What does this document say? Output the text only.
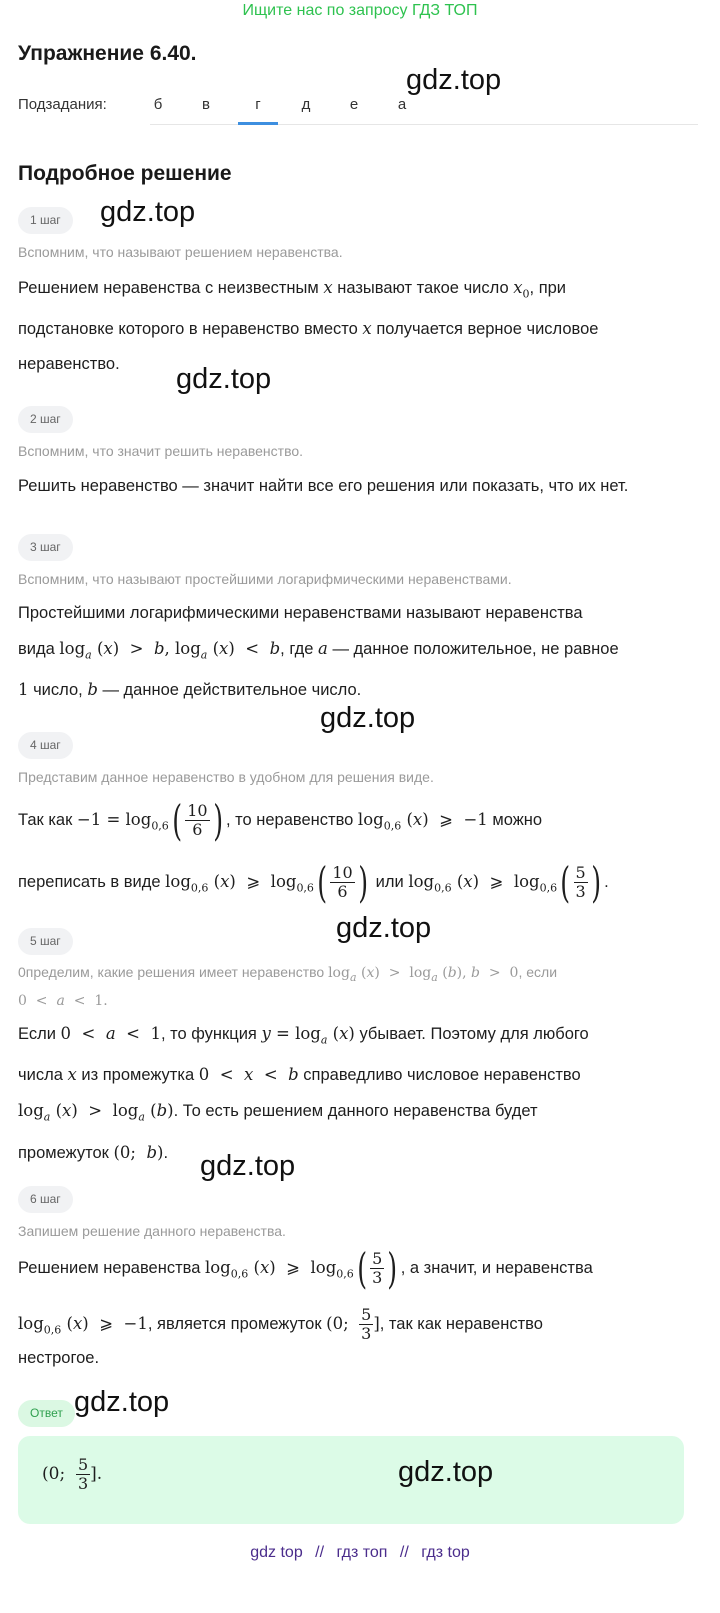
Ищите нас по запросу ГДЗ ТОП
Упражнение 6.40.
gdz.top
Подзадания:	б	в	г	д	е	а
Подробное решение
1 шаг	gdz.top
Вспомним, что называют решением неравенства.
Решением неравенства с неизвестным x называют такое число $x_0$, при
подстановке которого в неравенство вместо x получается верное числовое
неравенство.	gdz.top
2 шаг
Вспомним, что значит решить неравенство.
Решить неравенство — значит найти все его решения или показать, что их нет.
3 шаг
Вспомним, что называют простейшими логарифмическими неравенствами.
Простейшими логарифмическими неравенствами называют неравенства
вида $\log_a (x) > b$, $\log_a (x) < b$, где a — данное положительное, не равное
1 число, b — данное действительное число.
gdz.top
4 шаг
Представим данное неравенство в удобном для решения виде.
Так как $-1 = \log_{0,6}( \frac{10}{6}$ ) , то неравенство $\log_{0,6} (x)$  ⩾  −1 можно
переписать в виде $\log_{0,6} (x)$  ⩾  $\log_{0,6}( \frac{10}{6}$ ) или $\log_{0,6} (x)$  ⩾  $\log_{0,6}( \frac{5}{3}$ ) .
gdz.top
5 шаг
0пределим, какие решения имеет неравенство $\log_a (x) > \log_a (b)$, b  >  0, если
0  <  a  <  1.
Если 0  <  a  <  1, то функция $y = \log_a (x)$ убывает. Поэтому для любого
числа x из промежутка 0  <  x  <  b справедливо числовое неравенство
$\log_a (x) > \log_a (b)$. То есть решением данного неравенства будет
промежуток (0;  b).	gdz.top
6 шаг
Запишем решение данного неравенства.
Решением неравенства $\log_{0,6} (x)$  ⩾  $\log_{0,6}( \frac{5}{3}$ ) , а значит, и неравенства
$\log_{0,6} (x)$  ⩾  −1, является промежуток (0; $\frac{5}{3}$ ], так как неравенство
нестрогое.
Ответ gdz.top
(0; $\frac{5}{3}$ ].	gdz.top
gdz top // гдз топ // гдз top
